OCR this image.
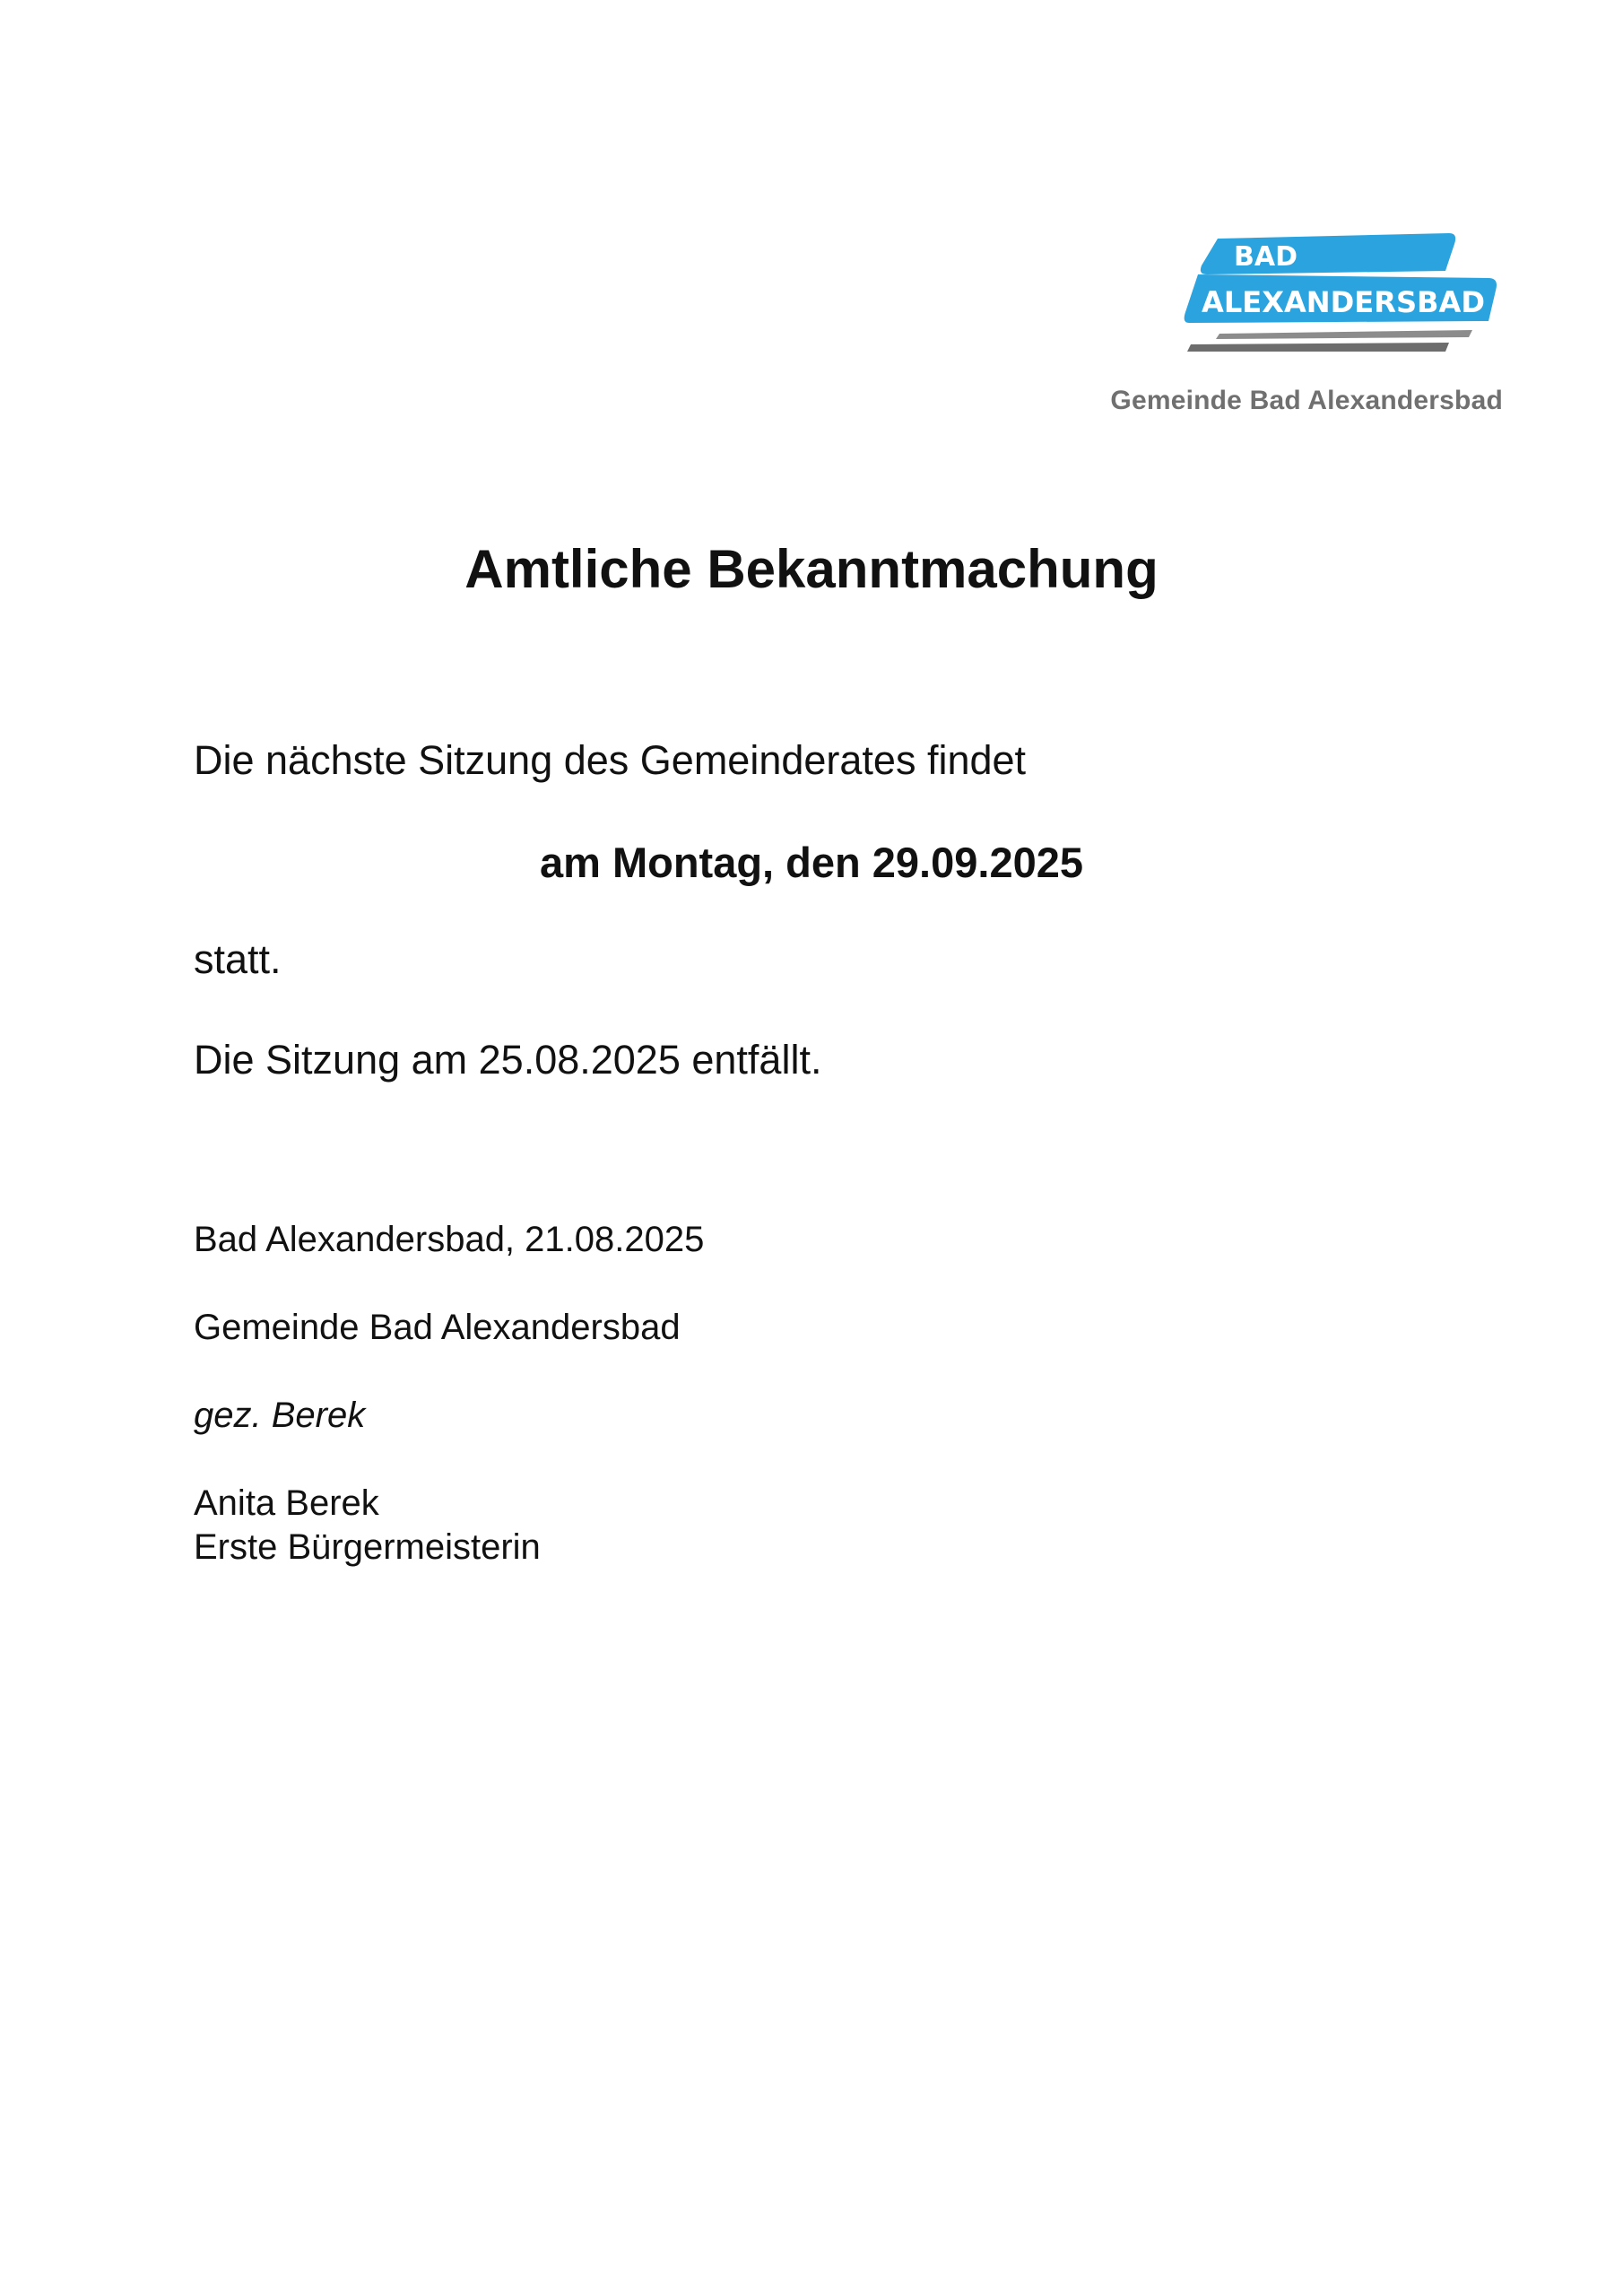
BAD
ALEXANDERSBAD
Gemeinde Bad Alexandersbad
Amtliche Bekanntmachung
Die nächste Sitzung des Gemeinderates findet
am Montag, den 29.09.2025
statt.
Die Sitzung am 25.08.2025 entfällt.
Bad Alexandersbad, 21.08.2025
Gemeinde Bad Alexandersbad
gez. Berek
Anita Berek
Erste Bürgermeisterin
